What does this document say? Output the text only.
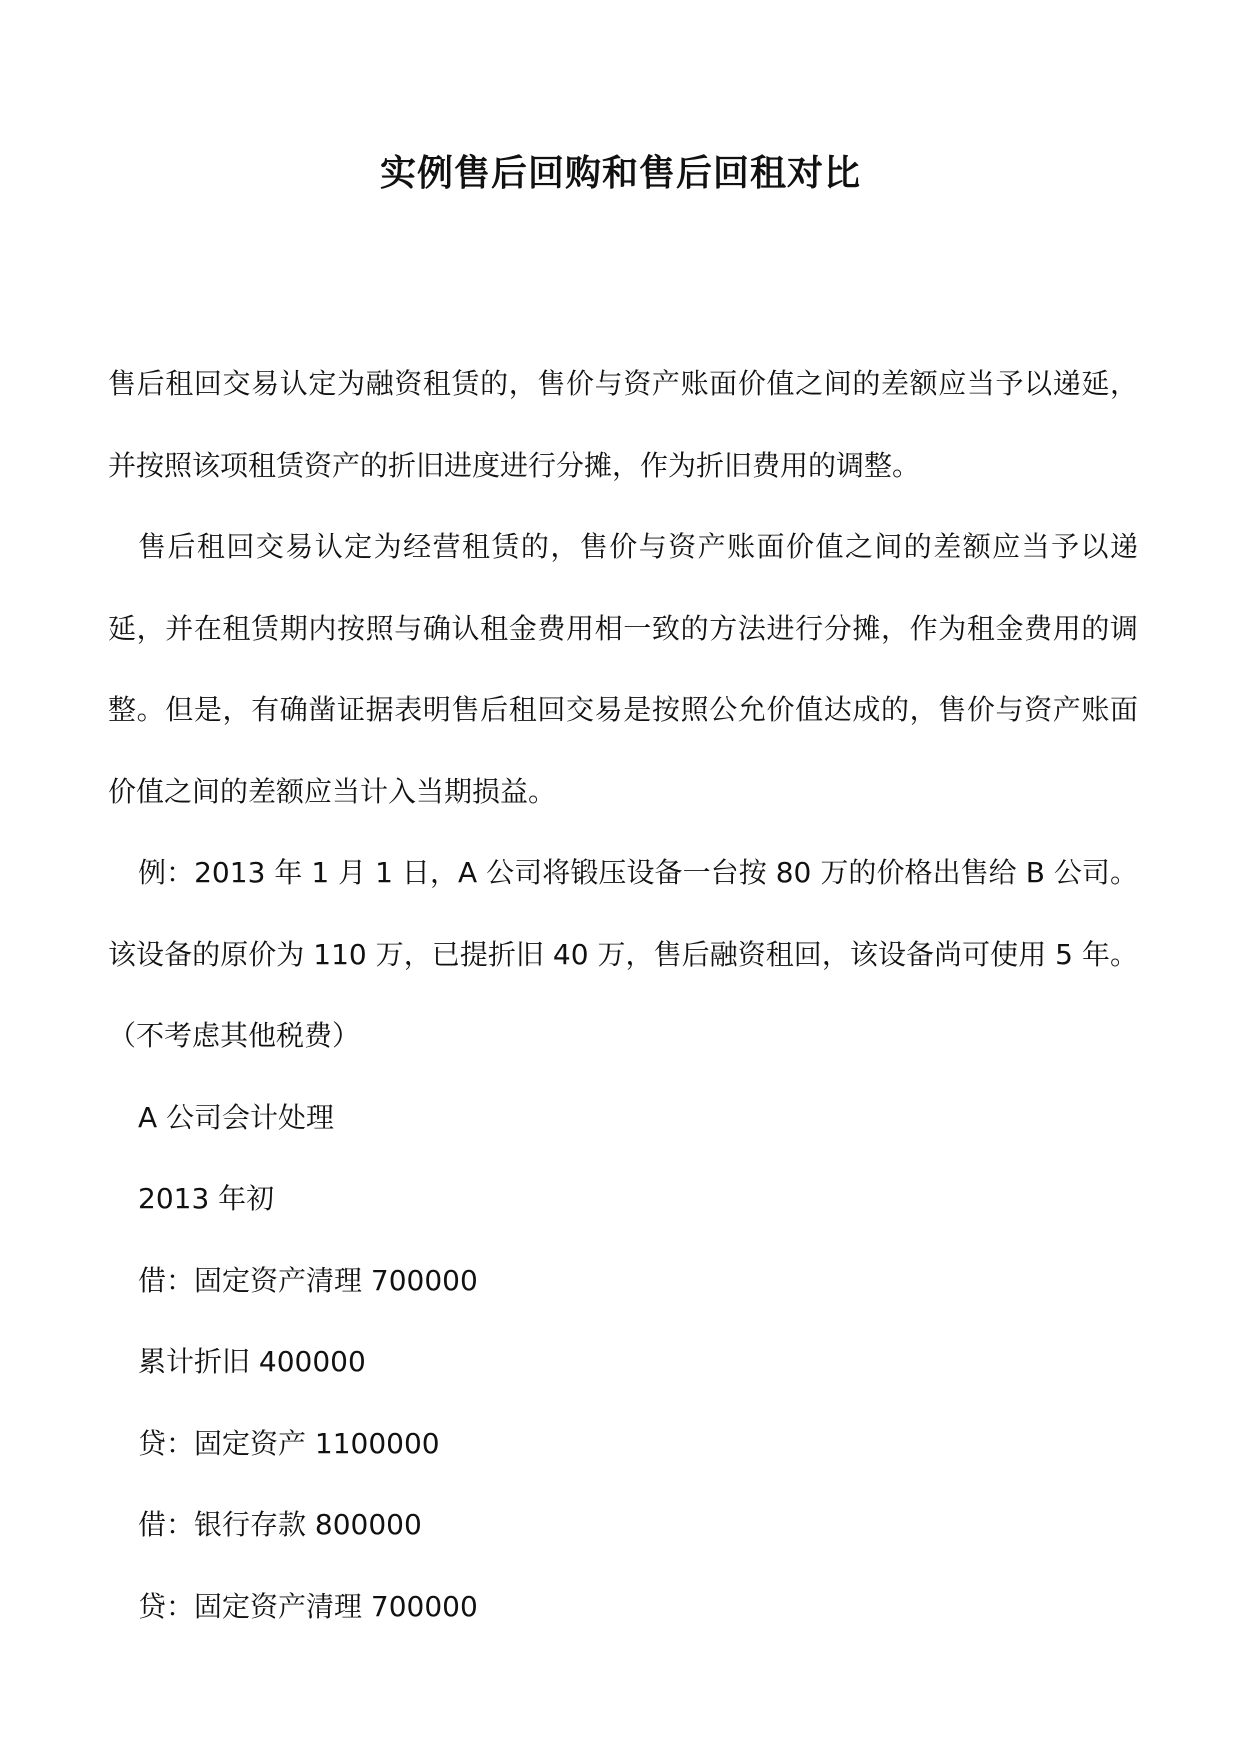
实例售后回购和售后回租对比

售后租回交易认定为融资租赁的，售价与资产账面价值之间的差额应当予以递延，并按照该项租赁资产的折旧进度进行分摊，作为折旧费用的调整。

售后租回交易认定为经营租赁的，售价与资产账面价值之间的差额应当予以递延，并在租赁期内按照与确认租金费用相一致的方法进行分摊，作为租金费用的调整。但是，有确凿证据表明售后租回交易是按照公允价值达成的，售价与资产账面价值之间的差额应当计入当期损益。

例：2013 年 1 月 1 日，A 公司将锻压设备一台按 80 万的价格出售给 B 公司。该设备的原价为 110 万，已提折旧 40 万，售后融资租回，该设备尚可使用 5 年。（不考虑其他税费）

A 公司会计处理

2013 年初

借：固定资产清理 700000

累计折旧 400000

贷：固定资产 1100000

借：银行存款 800000

贷：固定资产清理 700000
